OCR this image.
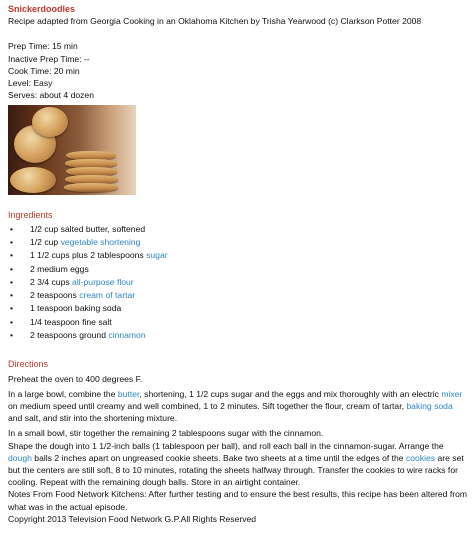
Snickerdoodles
Recipe adapted from Georgia Cooking in an Oklahoma Kitchen by Trisha Yearwood (c) Clarkson Potter 2008
Prep Time: 15 min
Inactive Prep Time: --
Cook Time: 20 min
Level: Easy
Serves: about 4 dozen
Ingredients
• 1/2 cup salted butter, softened
• 1/2 cup vegetable shortening
• 1 1/2 cups plus 2 tablespoons sugar
• 2 medium eggs
• 2 3/4 cups all-purpose flour
• 2 teaspoons cream of tartar
• 1 teaspoon baking soda
• 1/4 teaspoon fine salt
• 2 teaspoons ground cinnamon
Directions

Preheat the oven to 400 degrees F.

In a large bowl, combine the butter, shortening, 1 1/2 cups sugar and the eggs and mix thoroughly with an electric mixer on medium speed until creamy and well combined, 1 to 2 minutes. Sift together the flour, cream of tartar, baking soda and salt, and stir into the shortening mixture.

In a small bowl, stir together the remaining 2 tablespoons sugar with the cinnamon.

Shape the dough into 1 1/2-inch balls (1 tablespoon per ball), and roll each ball in the cinnamon-sugar. Arrange the dough balls 2 inches apart on ungreased cookie sheets. Bake two sheets at a time until the edges of the cookies are set but the centers are still soft, 8 to 10 minutes, rotating the sheets halfway through. Transfer the cookies to wire racks for cooling. Repeat with the remaining dough balls. Store in an airtight container.

Notes From Food Network Kitchens: After further testing and to ensure the best results, this recipe has been altered from what was in the actual episode.

Copyright 2013 Television Food Network G.P.All Rights Reserved
